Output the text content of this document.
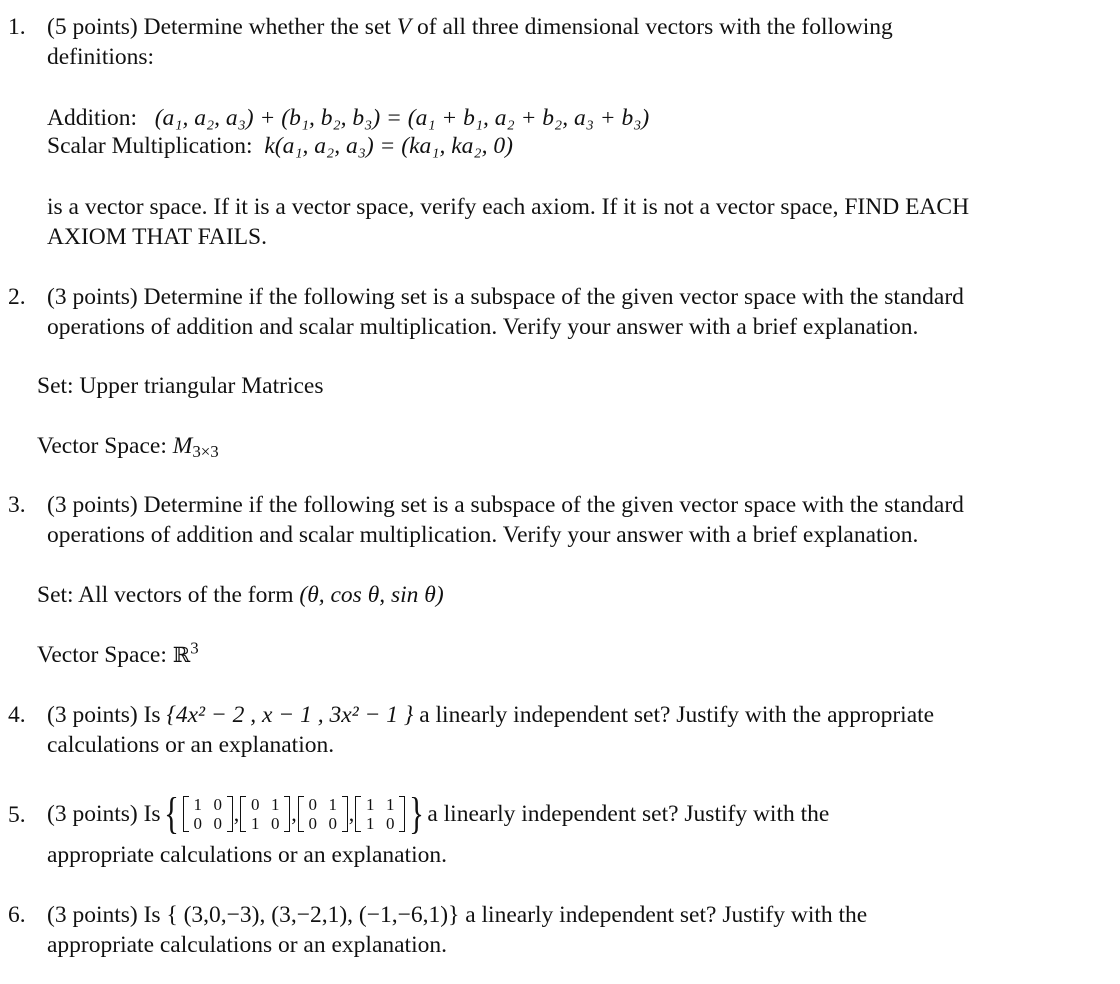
1. (5 points) Determine whether the set V of all three dimensional vectors with the following
definitions:
Addition: (a₁, a₂, a₃) + (b₁, b₂, b₃) = (a₁ + b₁, a₂ + b₂, a₃ + b₃)
Scalar Multiplication: k(a₁, a₂, a₃) = (ka₁, ka₂, 0)
is a vector space. If it is a vector space, verify each axiom. If it is not a vector space, FIND EACH
AXIOM THAT FAILS.
2. (3 points) Determine if the following set is a subspace of the given vector space with the standard
operations of addition and scalar multiplication. Verify your answer with a brief explanation.
Set: Upper triangular Matrices
Vector Space: $M_{3\times 3}$
3. (3 points) Determine if the following set is a subspace of the given vector space with the standard
operations of addition and scalar multiplication. Verify your answer with a brief explanation.
Set: All vectors of the form (θ, cos θ, sin θ)
Vector Space: ℝ$^3$
4. (3 points) Is {4x² − 2 , x − 1 , 3x² − 1 } a linearly independent set? Justify with the appropriate
calculations or an explanation.
5. (3 points) Is { 1	0
0	0 , 0	1
1	0 , 0	1
0	0 , 1	1
1	0 } a linearly independent set? Justify with the
appropriate calculations or an explanation.
6. (3 points) Is { (3,0,−3), (3,−2,1), (−1,−6,1)} a linearly independent set? Justify with the
appropriate calculations or an explanation.
